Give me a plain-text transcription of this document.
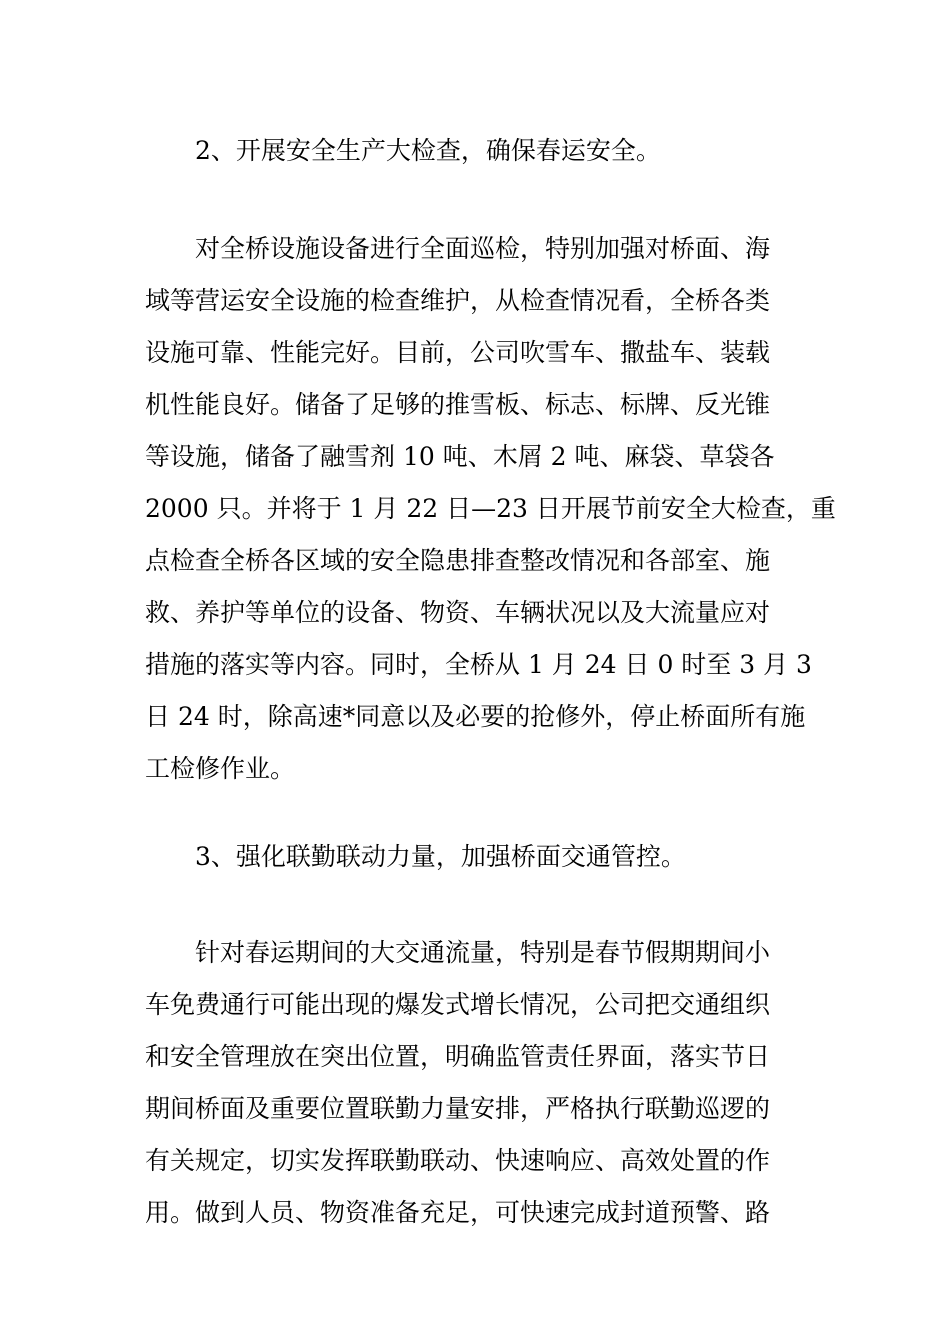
2、开展安全生产大检查，确保春运安全。
对全桥设施设备进行全面巡检，特别加强对桥面、海
域等营运安全设施的检查维护，从检查情况看，全桥各类
设施可靠、性能完好。目前，公司吹雪车、撒盐车、装载
机性能良好。储备了足够的推雪板、标志、标牌、反光锥
等设施，储备了融雪剂 10 吨、木屑 2 吨、麻袋、草袋各
2000 只。并将于 1 月 22 日—23 日开展节前安全大检查，重
点检查全桥各区域的安全隐患排查整改情况和各部室、施
救、养护等单位的设备、物资、车辆状况以及大流量应对
措施的落实等内容。同时，全桥从 1 月 24 日 0 时至 3 月 3
日 24 时，除高速*同意以及必要的抢修外，停止桥面所有施
工检修作业。
3、强化联勤联动力量，加强桥面交通管控。
针对春运期间的大交通流量，特别是春节假期期间小
车免费通行可能出现的爆发式增长情况，公司把交通组织
和安全管理放在突出位置，明确监管责任界面，落实节日
期间桥面及重要位置联勤力量安排，严格执行联勤巡逻的
有关规定，切实发挥联勤联动、快速响应、高效处置的作
用。做到人员、物资准备充足，可快速完成封道预警、路
